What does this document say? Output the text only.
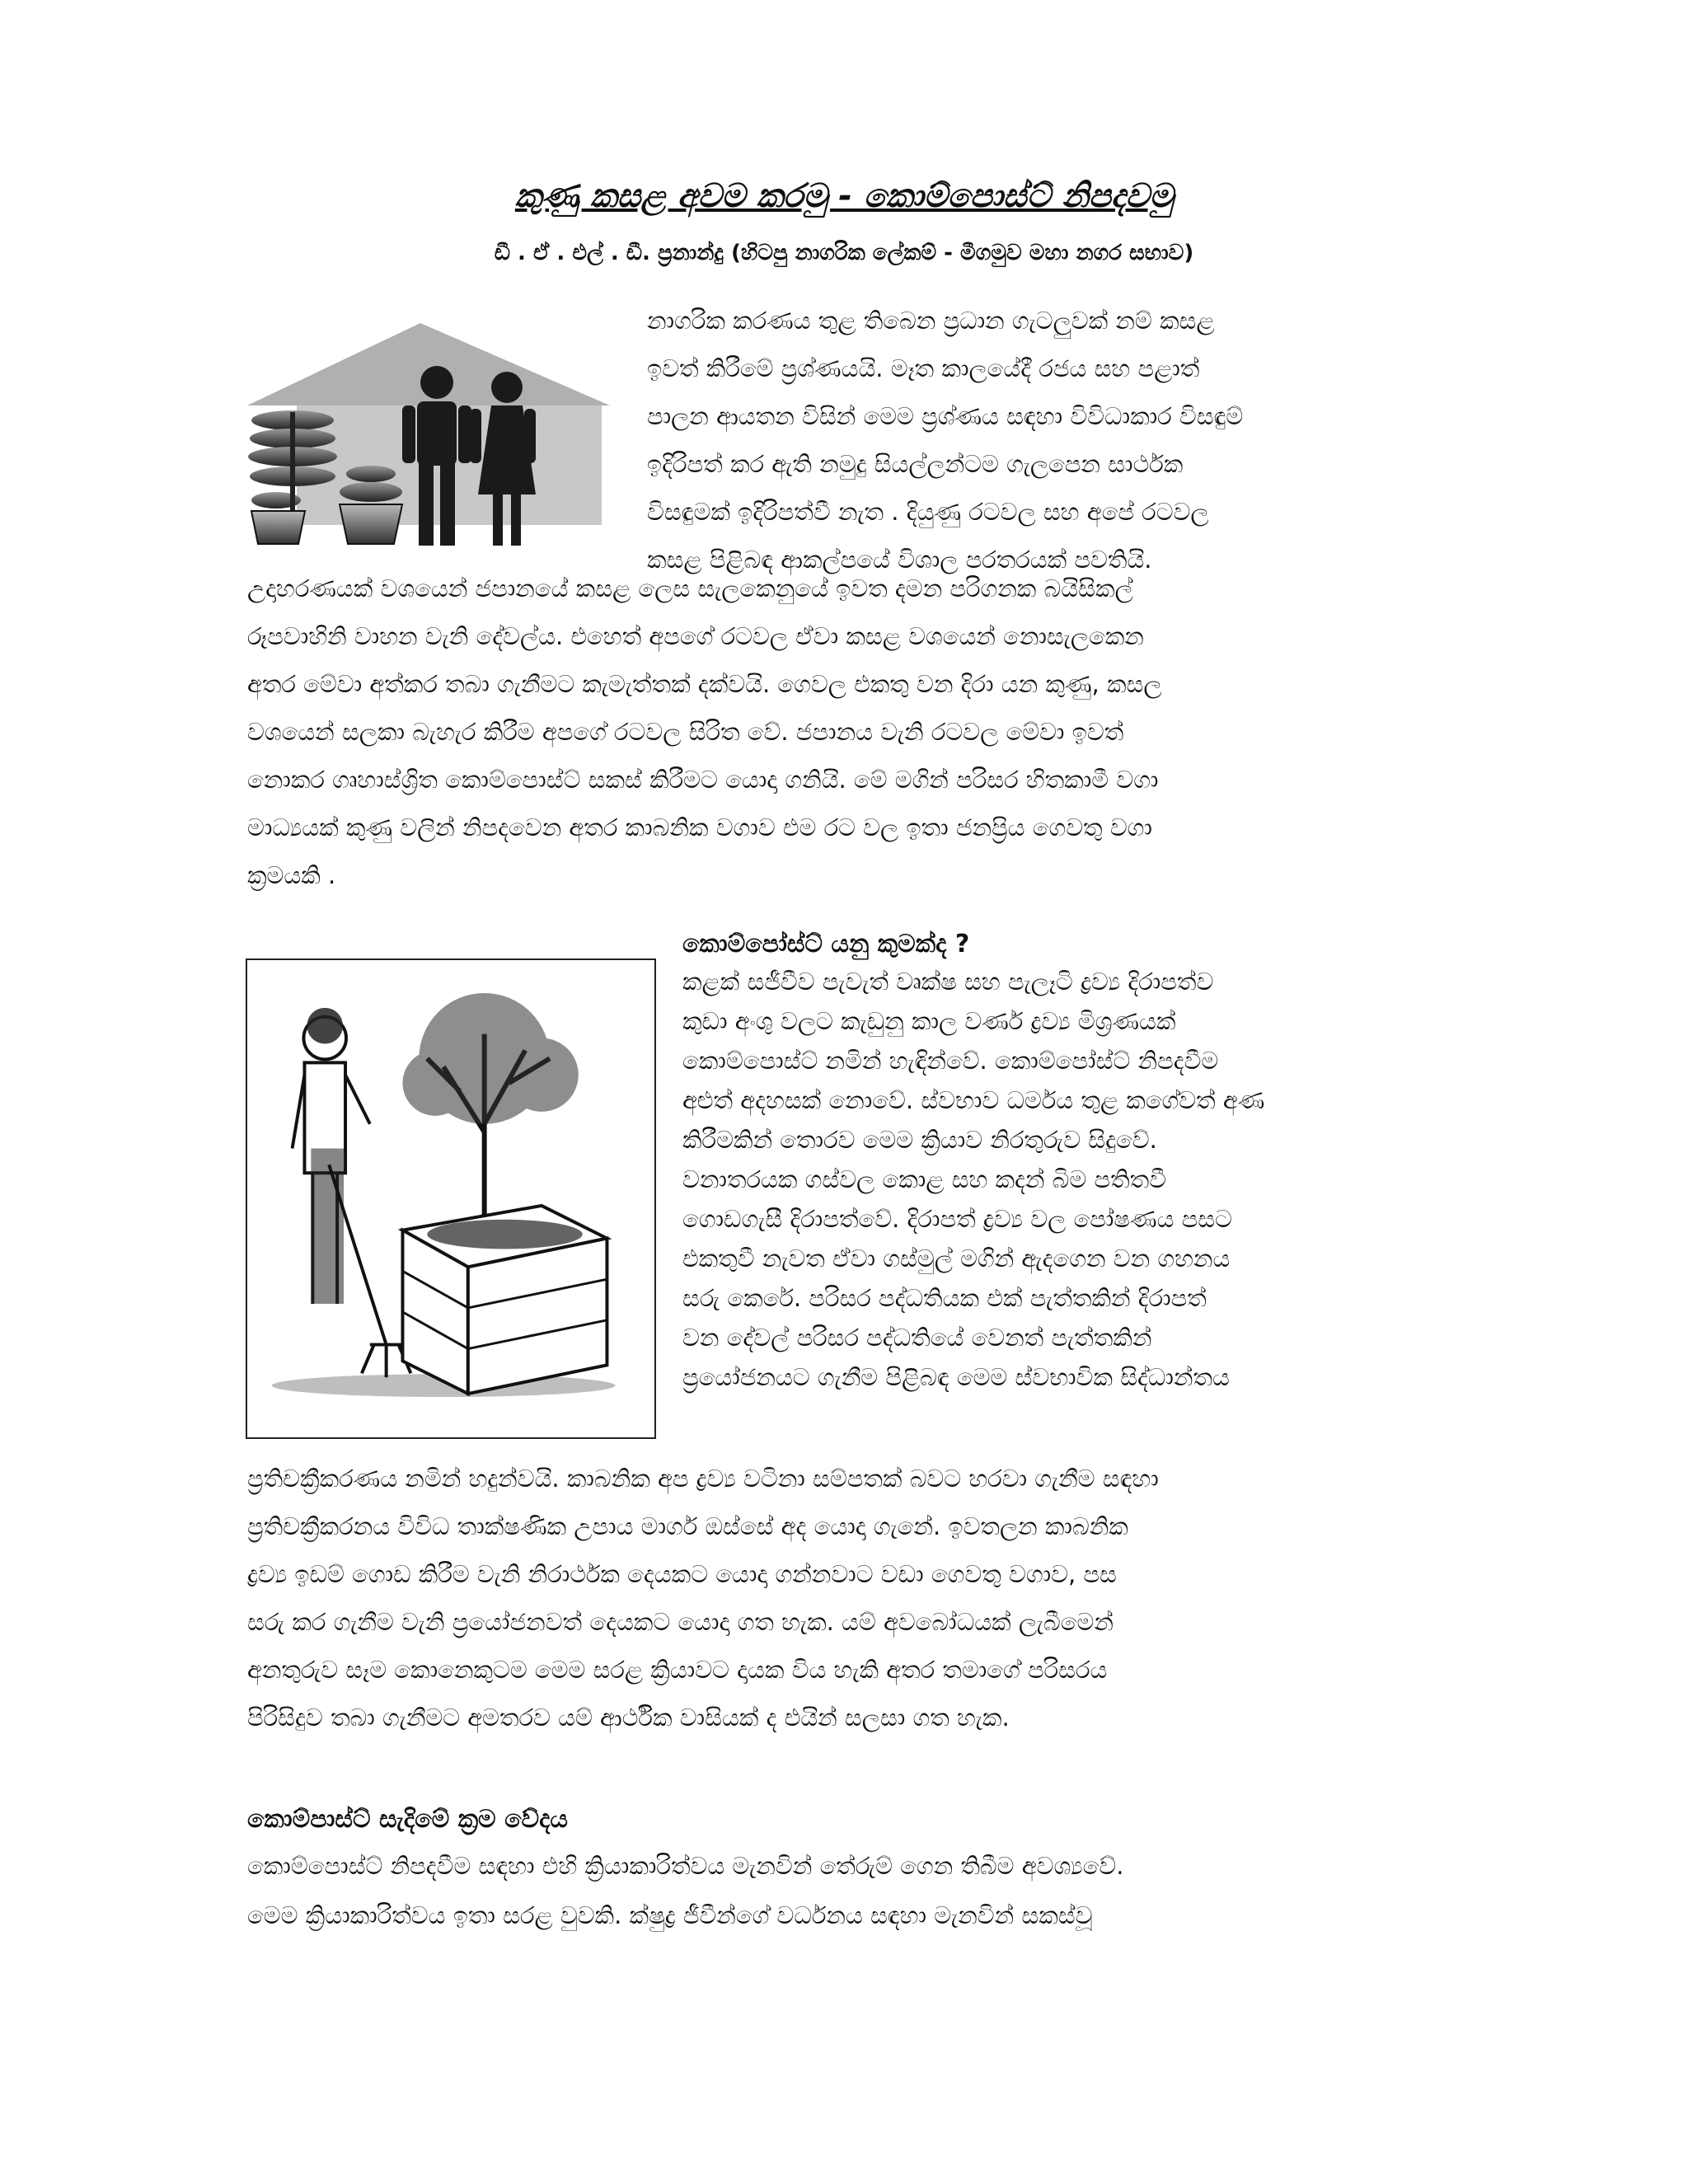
කුණු කසළ අවම කරමු - කොම්පොස්ට් නිපදවමු
ඩී . ඒ . එල් . ඩී. ප්‍රනාන්දු (හිටපු නාගරික ලේකම් - මීගමුව මහා නගර සභාව)

නාගරික කරණය තුළ තිබෙන ප්‍රධාන ගැටලුවක් නම් කසළ

ඉවත් කිරීමේ ප්‍රශ්ණයයි. මෑත කාලයේදී රජය සහ පළාත්

පාලන ආයතන විසින් මෙම ප්‍රශ්ණය සඳහා විවිධාකාර විසඳුම්

ඉදිරිපත් කර ඇති නමුදු සියල්ලන්ටම ගැලපෙන සාර්ථක

විසඳුමක් ඉදිරිපත්වී නැත . දියුණු රටවල සහ අපේ රටවල

කසළ පිළිබඳ ආකල්පයේ විශාල පරතරයක් පවතියි.

උදාහරණයක් වශයෙන් ජපානයේ කසළ ලෙස සැලකෙනුයේ ඉවත දමන පරිගනක බයිසිකල්

රූපවාහිනි වාහන වැනි දේවල්ය. එහෙත් අපගේ රටවල ඒවා කසළ වශයෙන් නොසැලකෙන

අතර මේවා අත්කර තබා ගැනීමට කැමැත්තක් දක්වයි. ගෙවල එකතු වන දිරා යන කුණු, කසල

වශයෙන් සලකා බැහැර කිරීම අපගේ රටවල සිරිත වේ. ජපානය වැනි රටවල මේවා ඉවත්

නොකර ගෘහාස්ශ්‍රිත කොම්පොස්ට් සකස් කිරීමට යොදා ගනියි. මේ මගින් පරිසර හිතකාමී වගා

මාධ්‍යයක් කුණු වලින් නිපදවෙන අතර කාබනික වගාව එම රට වල ඉතා ජනප්‍රිය ගෙවතු වගා

ක්‍රමයකි .

කොම්පෝස්ට් යනු කුමක්ද ?

කළක් සජීවීව පැවැත් වෘක්ෂ සහ පැලෑටි ද්‍රව්‍ය දිරාපත්ව

කුඩා අංශු වලට කැඩුනු කාල වර්ණ ද්‍රව්‍ය මිශ්‍රණයක්

කොම්පොස්ට් නමින් හැඳින්වේ. කොම්පෝස්ට් නිපදවීම

අළුත් අදහසක් නොවේ. ස්වභාව ධර්මය තුළ කගේවත් අණ

කිරීමකින් තොරව මෙම ක්‍රියාව නිරතුරුව සිදුවේ.

වනාතරයක ගස්වල කොළ සහ කදන් බිම පතිතවී

ගොඩගැසී දිරාපත්වේ. දිරාපත් ද්‍රව්‍ය වල පෝෂණය පසට

එකතුවී නැවත ඒවා ගස්මුල් මගින් ඇදගෙන වන ගහනය

සරු කෙරේ. පරිසර පද්ධතියක එක් පැත්තකින් දිරාපත්

වන දේවල් පරිසර පද්ධතියේ වෙනත් පැත්තකින්

ප්‍රයෝජනයට ගැනීම පිළිබඳ මෙම ස්වභාවික සිද්ධාන්තය

ප්‍රතිචක්‍රීකරණය නමින් හදුන්වයි. කාබනික අප ද්‍රව්‍ය වටිනා සම්පතක් බවට හරවා ගැනීම සඳහා

ප්‍රතිචක්‍රීකරනය විවිධ තාක්ෂණික උපාය මාර්ග ඔස්සේ අද යොදා ගැනේ. ඉවතලන කාබනික

ද්‍රව්‍ය ඉඩම් ගොඩ කිරීම වැනි නිරාර්ථක දෙයකට යොදා ගන්නවාට වඩා ගෙවතු වගාව, පස

සරු කර ගැනීම වැනි ප්‍රයෝජනවත් දෙයකට යොදා ගත හැක. යම් අවබෝධයක් ලැබීමෙන්

අනතුරුව සෑම කොනෙකුටම මෙම සරළ ක්‍රියාවට දායක විය හැකි අතර තමාගේ පරිසරය

පිරිසිදුව තබා ගැනීමට අමතරව යම් ආර්ථික වාසියක් ද එයින් සලසා ගත හැක.

කොම්පාස්ට් සැදිමේ ක්‍රම වේදය

කොම්පොස්ට් නිපදවීම සඳහා එහි ක්‍රියාකාරිත්වය මැනවින් තේරුම් ගෙන තිබීම අවශ්‍යවේ.

මෙම ක්‍රියාකාරිත්වය ඉතා සරළ වුවකි. ක්ෂුද්‍ර ජීවීන්ගේ වර්ධනය සඳහා මැනවින් සකස්වූ
